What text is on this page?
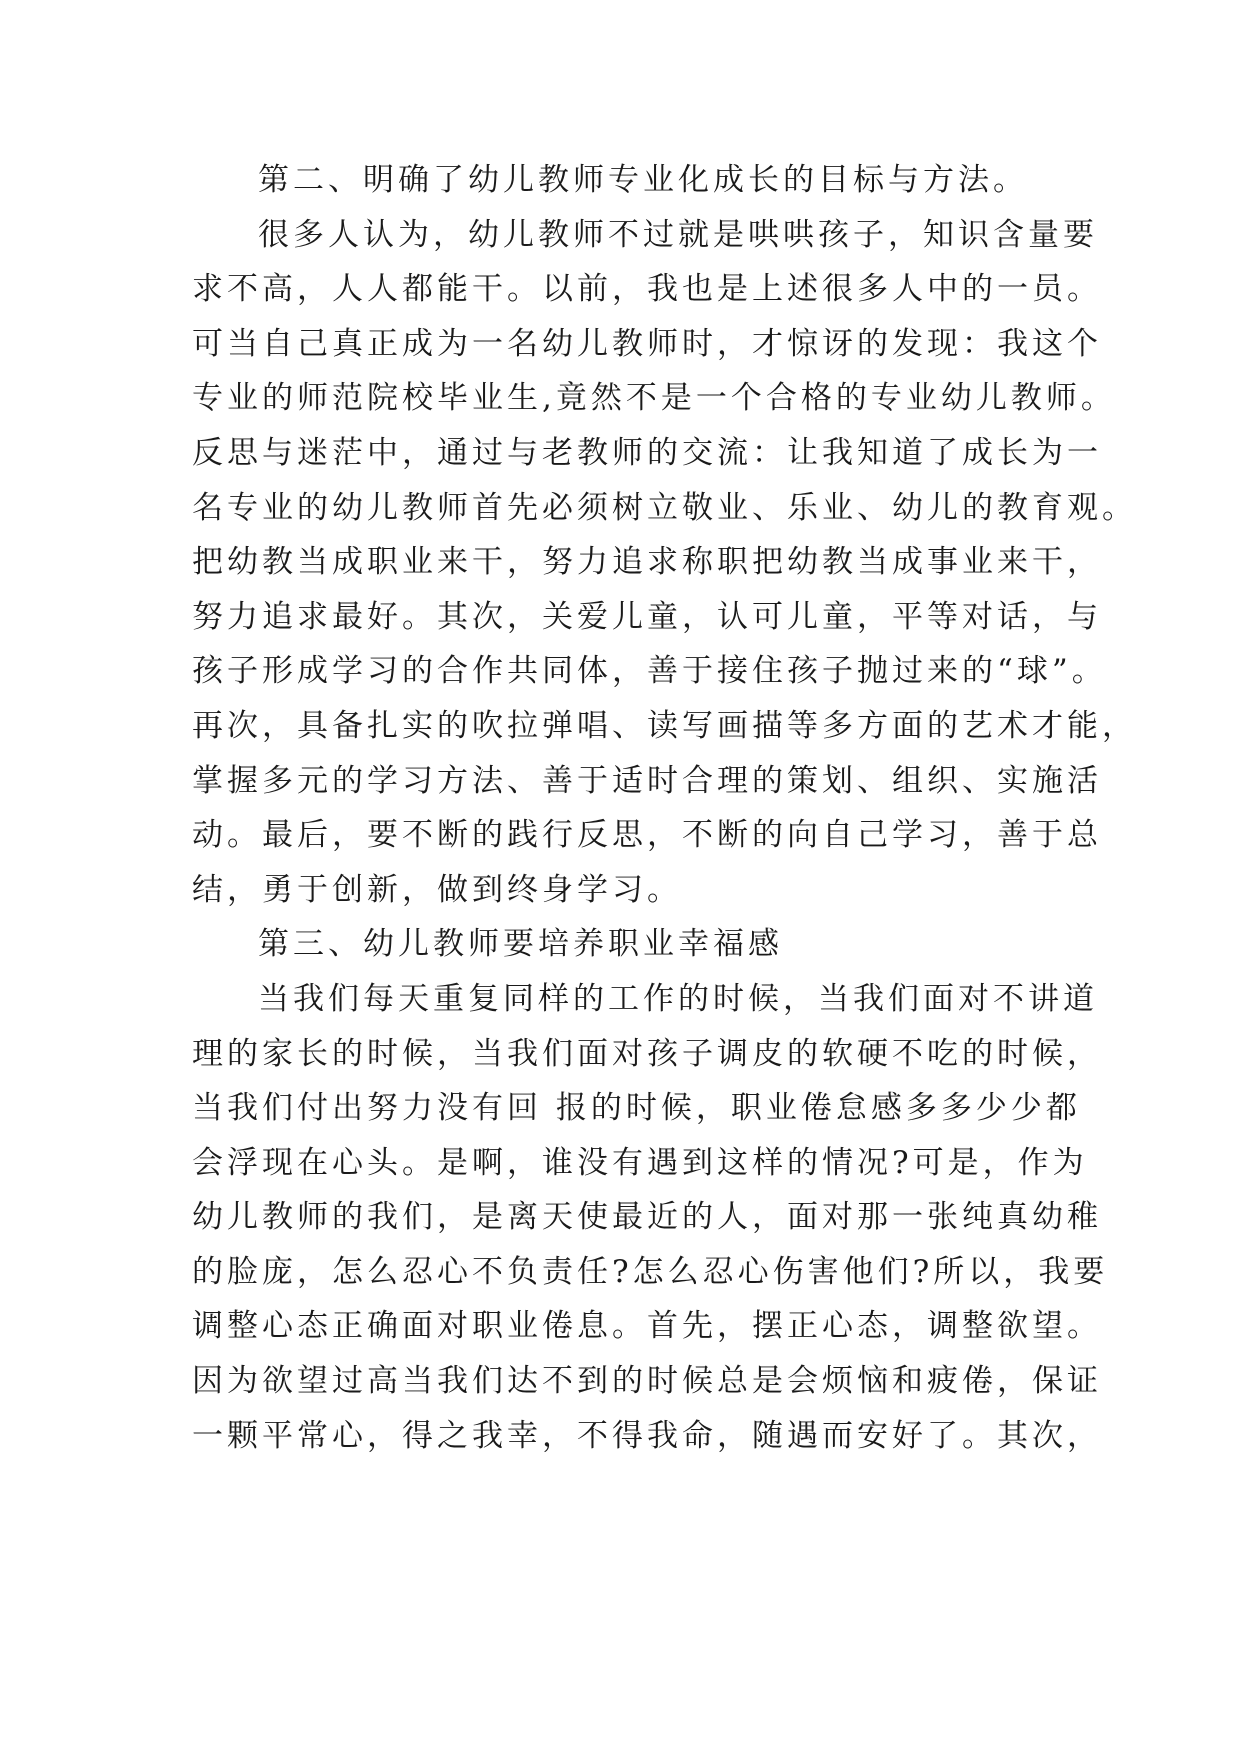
第二、明确了幼儿教师专业化成长的目标与方法。
很多人认为，幼儿教师不过就是哄哄孩子，知识含量要
求不高，人人都能干。以前，我也是上述很多人中的一员。
可当自己真正成为一名幼儿教师时，才惊讶的发现：我这个
专业的师范院校毕业生,竟然不是一个合格的专业幼儿教师。
反思与迷茫中，通过与老教师的交流：让我知道了成长为一
名专业的幼儿教师首先必须树立敬业、乐业、幼儿的教育观。
把幼教当成职业来干，努力追求称职把幼教当成事业来干，
努力追求最好。其次，关爱儿童，认可儿童，平等对话，与
孩子形成学习的合作共同体，善于接住孩子抛过来的“球”。
再次，具备扎实的吹拉弹唱、读写画描等多方面的艺术才能，
掌握多元的学习方法、善于适时合理的策划、组织、实施活
动。最后，要不断的践行反思，不断的向自己学习，善于总
结，勇于创新，做到终身学习。
第三、幼儿教师要培养职业幸福感
当我们每天重复同样的工作的时候，当我们面对不讲道
理的家长的时候，当我们面对孩子调皮的软硬不吃的时候，
当我们付出努力没有回 报的时候，职业倦怠感多多少少都
会浮现在心头。是啊，谁没有遇到这样的情况?可是，作为
幼儿教师的我们，是离天使最近的人，面对那一张纯真幼稚
的脸庞，怎么忍心不负责任?怎么忍心伤害他们?所以，我要
调整心态正确面对职业倦息。首先，摆正心态，调整欲望。
因为欲望过高当我们达不到的时候总是会烦恼和疲倦，保证
一颗平常心，得之我幸，不得我命，随遇而安好了。其次，
